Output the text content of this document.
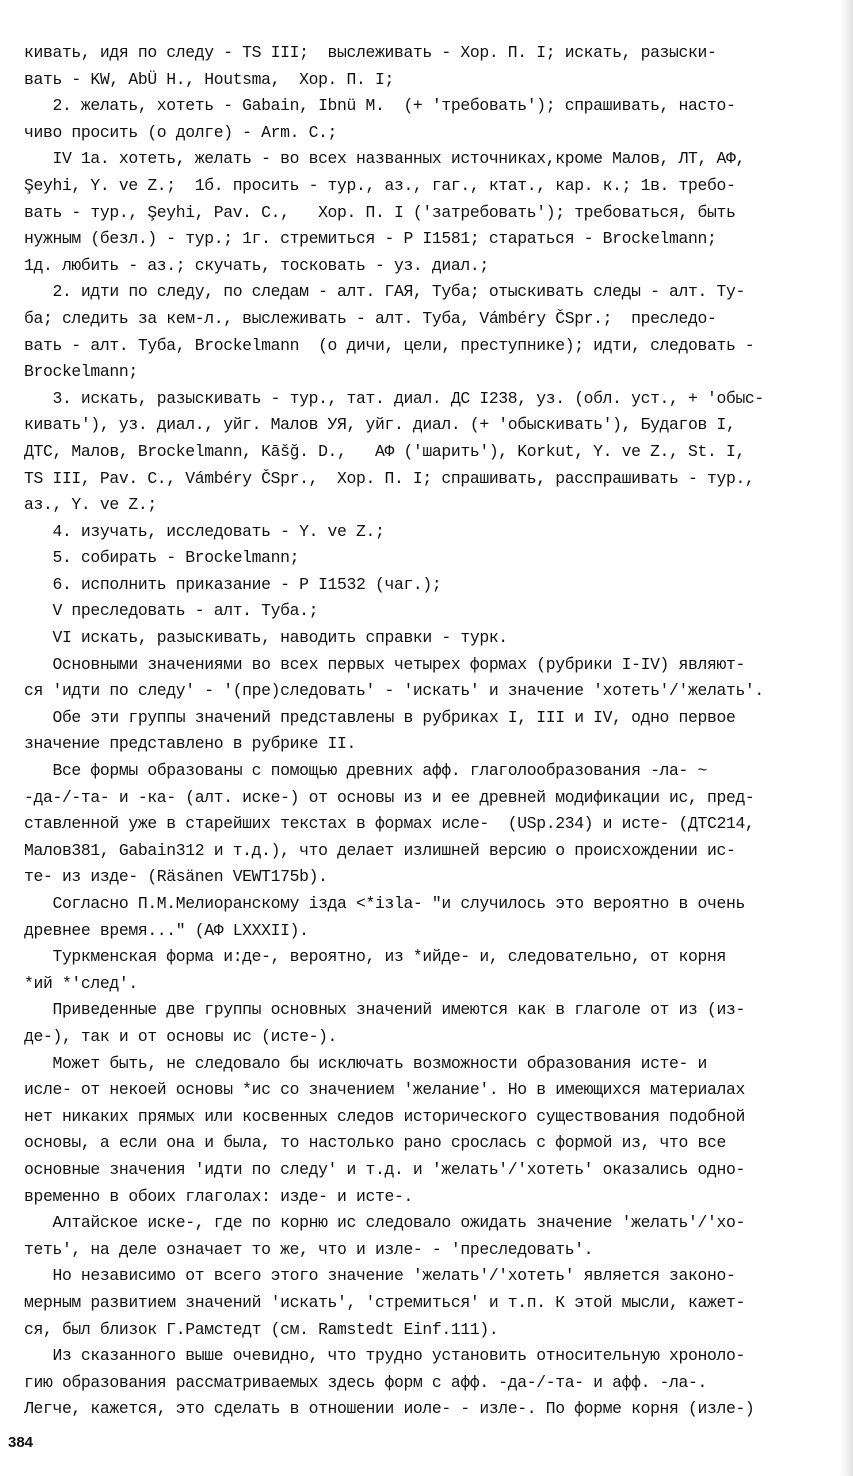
кивать, идя по следу - TS III;  выслеживать - Хор. П. I; искать, разыски-
вать - KW, AbÜ H., Houtsma,  Хор. П. I;
2. желать, хотеть - Gabain, Ibnü M.  (+ 'требовать'); спрашивать, насто-
чиво просить (о долге) - Arm. C.;
IV 1a. хотеть, желать - во всех названных источниках,кроме Малов, ЛТ, АФ,
Şeyhi, Y. ve Z.;  1б. просить - тур., аз., гаг., ктат., кар. к.; 1в. требо-
вать - тур., Şeyhi, Pav. C.,   Хор. П. I ('затребовать'); требоваться, быть
нужным (безл.) - тур.; 1г. стремиться - Р I1581; стараться - Brockelmann;
1д. любить - аз.; скучать, тосковать - уз. диал.;
2. идти по следу, по следам - алт. ГАЯ, Туба; отыскивать следы - алт. Ту-
ба; следить за кем-л., выслеживать - алт. Туба, Vámbéry ČSpr.;  преследо-
вать - алт. Туба, Brockelmann  (о дичи, цели, преступнике); идти, следовать -
Brockelmann;
3. искать, разыскивать - тур., тат. диал. ДС I238, уз. (обл. уст., + 'обыс-
кивать'), уз. диал., уйг. Малов УЯ, уйг. диал. (+ 'обыскивать'), Будагов I,
ДТС, Малов, Brockelmann, Kāšğ. D.,   АФ ('шарить'), Korkut, Y. ve Z., St. I,
TS III, Pav. C., Vámbéry ČSpr.,  Хор. П. I; спрашивать, расспрашивать - тур.,
аз., Y. ve Z.;
4. изучать, исследовать - Y. ve Z.;
5. собирать - Brockelmann;
6. исполнить приказание - Р I1532 (чаг.);
V преследовать - алт. Туба.;
VI искать, разыскивать, наводить справки - турк.
Основными значениями во всех первых четырех формах (рубрики I-IV) являют-
ся 'идти по следу' - '(пре)следовать' - 'искать' и значение 'хотеть'/'желать'.
Обе эти группы значений представлены в рубриках I, III и IV, одно первое
значение представлено в рубрике II.
Все формы образованы с помощью древних афф. глаголообразования -ла- ~
-да-/-та- и -ка- (алт. иске-) от основы из и ее древней модификации ис, пред-
ставленной уже в старейших текстах в формах исле-  (USp.234) и исте- (ДТС214,
Малов381, Gabain312 и т.д.), что делает излишней версию о происхождении ис-
те- из изде- (Räsänen VEWT175b).
Согласно П.М.Мелиоранскому iзда <*iзla- "и случилось это вероятно в очень
древнее время..." (АФ LXXXII).
Туркменская форма и:де-, вероятно, из *ийде- и, следовательно, от корня
*ий *'след'.
Приведенные две группы основных значений имеются как в глаголе от из (из-
де-), так и от основы ис (исте-).
Может быть, не следовало бы исключать возможности образования исте- и
исле- от некоей основы *ис со значением 'желание'. Но в имеющихся материалах
нет никаких прямых или косвенных следов исторического существования подобной
основы, а если она и была, то настолько рано срослась с формой из, что все
основные значения 'идти по следу' и т.д. и 'желать'/'хотеть' оказались одно-
временно в обоих глаголах: изде- и исте-.
Алтайское иске-, где по корню ис следовало ожидать значение 'желать'/'хо-
теть', на деле означает то же, что и изле- - 'преследовать'.
Но независимо от всего этого значение 'желать'/'хотеть' является законо-
мерным развитием значений 'искать', 'стремиться' и т.п. К этой мысли, кажет-
ся, был близок Г.Рамстедт (см. Ramstedt Einf.111).
Из сказанного выше очевидно, что трудно установить относительную хроноло-
гию образования рассматриваемых здесь форм с афф. -да-/-та- и афф. -ла-.
Легче, кажется, это сделать в отношении иоле- - изле-. По форме корня (изле-)
384
